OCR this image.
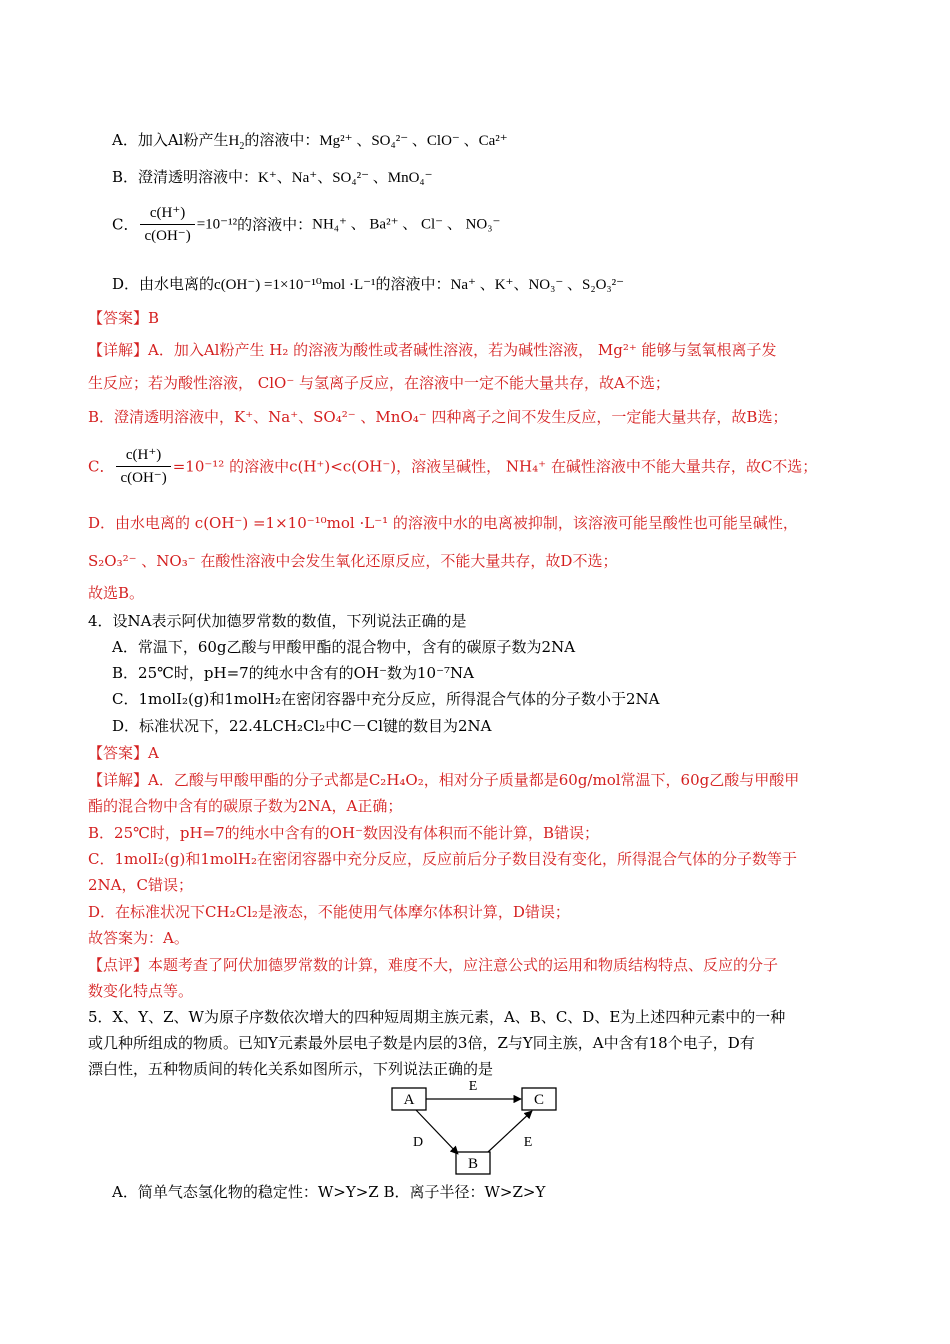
A．加入Al粉产生$H_2$的溶液中：Mg²⁺ 、SO₄²⁻ 、ClO⁻ 、Ca²⁺
B．澄清透明溶液中：K⁺、Na⁺、SO₄²⁻ 、MnO₄⁻
C． $\frac{c(H^+)}{c(OH^-)} =10^{-12}$的溶液中：NH₄⁺ 、 Ba²⁺ 、 Cl⁻ 、 NO₃⁻
D．由水电离的c(OH⁻) =1×10⁻¹⁰mol ·L⁻¹的溶液中：Na⁺ 、K⁺、NO₃⁻ 、S₂O₃²⁻
【答案】B
【详解】A．加入Al粉产生 H₂ 的溶液为酸性或者碱性溶液，若为碱性溶液， Mg²⁺ 能够与氢氧根离子发
生反应；若为酸性溶液， ClO⁻ 与氢离子反应，在溶液中一定不能大量共存，故A不选；
B．澄清透明溶液中，K⁺、Na⁺、SO₄²⁻ 、MnO₄⁻ 四种离子之间不发生反应，一定能大量共存，故B选；
C． $\frac{c(H^+)}{c(OH^-)} =10^{-12}$ 的溶液中c(H⁺)<c(OH⁻)，溶液呈碱性， NH₄⁺ 在碱性溶液中不能大量共存，故C不选；
D．由水电离的 c(OH⁻) =1×10⁻¹⁰mol ·L⁻¹ 的溶液中水的电离被抑制，该溶液可能呈酸性也可能呈碱性，
S₂O₃²⁻ 、NO₃⁻ 在酸性溶液中会发生氧化还原反应，不能大量共存，故D不选；
故选B。
4．设NA表示阿伏加德罗常数的数值，下列说法正确的是
A．常温下，60g乙酸与甲酸甲酯的混合物中，含有的碳原子数为2NA
B．25℃时，pH=7的纯水中含有的OH⁻数为10⁻⁷NA
C．1molI₂(g)和1molH₂在密闭容器中充分反应，所得混合气体的分子数小于2NA
D．标准状况下，22.4LCH₂Cl₂中C－Cl键的数目为2NA
【答案】A
【详解】A．乙酸与甲酸甲酯的分子式都是C₂H₄O₂，相对分子质量都是60g/mol常温下，60g乙酸与甲酸甲
酯的混合物中含有的碳原子数为2NA，A正确；
B．25℃时，pH=7的纯水中含有的OH⁻数因没有体积而不能计算，B错误；
C．1molI₂(g)和1molH₂在密闭容器中充分反应，反应前后分子数目没有变化，所得混合气体的分子数等于
2NA，C错误；
D．在标准状况下CH₂Cl₂是液态，不能使用气体摩尔体积计算，D错误；
故答案为：A。
【点评】本题考查了阿伏加德罗常数的计算，难度不大，应注意公式的运用和物质结构特点、反应的分子
数变化特点等。
5．X、Y、Z、W为原子序数依次增大的四种短周期主族元素，A、B、C、D、E为上述四种元素中的一种
或几种所组成的物质。已知Y元素最外层电子数是内层的3倍，Z与Y同主族，A中含有18个电子，D有
漂白性，五种物质间的转化关系如图所示，下列说法正确的是
A	C
B
E
D	E
A．简单气态氢化物的稳定性：W>Y>Z B．离子半径：W>Z>Y
